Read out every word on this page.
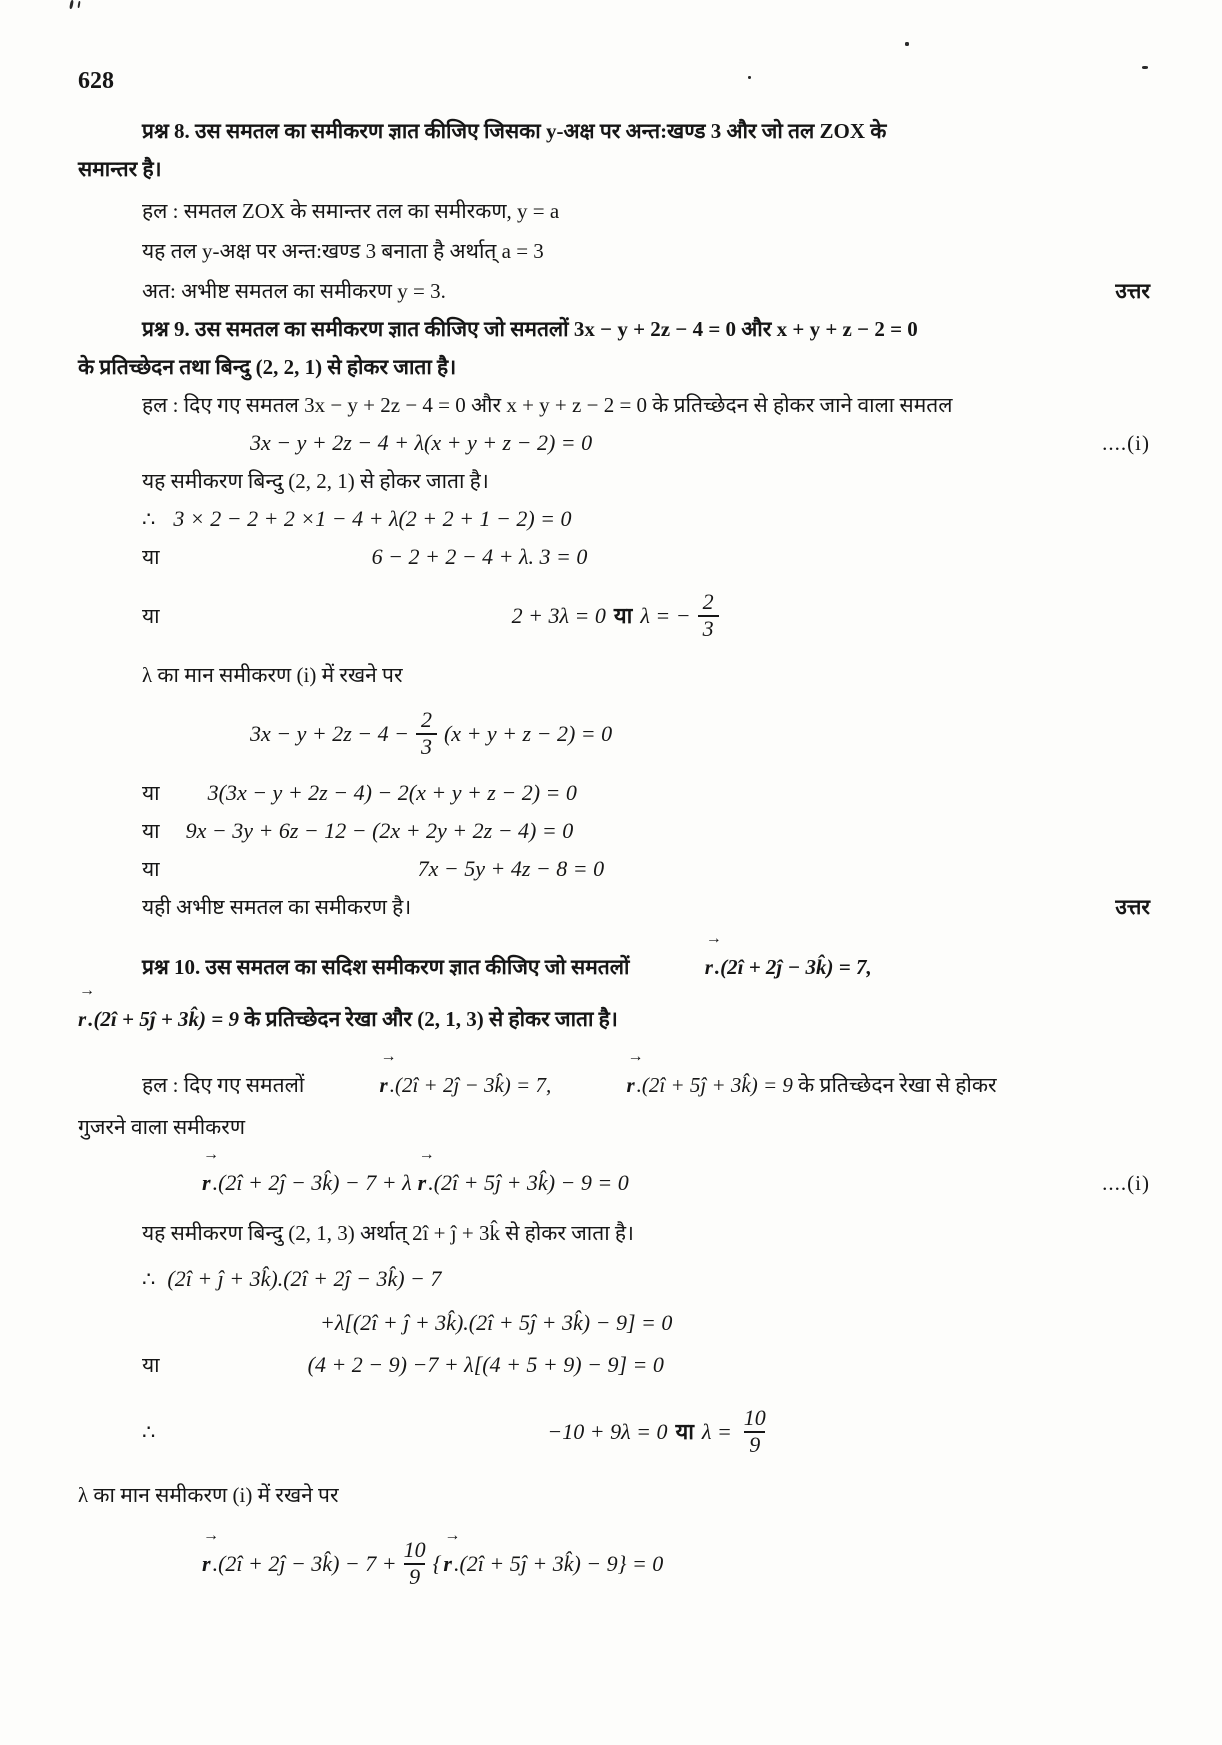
628
प्रश्न 8. उस समतल का समीकरण ज्ञात कीजिए जिसका y-अक्ष पर अन्त:खण्ड 3 और जो तल ZOX के
समान्तर है।
हल : समतल ZOX के समान्तर तल का समीरकण, y = a
यह तल y-अक्ष पर अन्त:खण्ड 3 बनाता है अर्थात् a = 3
अत: अभीष्ट समतल का समीकरण y = 3.	उत्तर
प्रश्न 9. उस समतल का समीकरण ज्ञात कीजिए जो समतलों 3x − y + 2z − 4 = 0 और x + y + z − 2 = 0
के प्रतिच्छेदन तथा बिन्दु (2, 2, 1) से होकर जाता है।
हल : दिए गए समतल 3x − y + 2z − 4 = 0 और x + y + z − 2 = 0 के प्रतिच्छेदन से होकर जाने वाला समतल
3x − y + 2z − 4 + λ(x + y + z − 2) = 0	....(i)
यह समीकरण बिन्दु (2, 2, 1) से होकर जाता है।
∴ 3 × 2 − 2 + 2 ×1 − 4 + λ(2 + 2 + 1 − 2) = 0
या	6 − 2 + 2 − 4 + λ. 3 = 0
या	2 + 3λ = 0 या λ = − $\frac{2}{3}$
λ का मान समीकरण (i) में रखने पर
$3x - y + 2z - 4 - \frac{2}{3} (x + y + z - 2) = 0$
या 3(3x − y + 2z − 4) − 2(x + y + z − 2) = 0
या 9x − 3y + 6z − 12 − (2x + 2y + 2z − 4) = 0
या	7x − 5y + 4z − 8 = 0
यही अभीष्ट समतल का समीकरण है।	उत्तर
प्रश्न 10. उस समतल का सदिश समीकरण ज्ञात कीजिए जो समतलों
→
r.(2î + 2ĵ − 3k̂) = 7,
→
r.(2î + 5ĵ + 3k̂) = 9 के प्रतिच्छेदन रेखा और (2, 1, 3) से होकर जाता है।
हल : दिए गए समतलों
→
r.(2î + 2ĵ − 3k̂) = 7,
→
r.(2î + 5ĵ + 3k̂) = 9 के प्रतिच्छेदन रेखा से होकर
गुजरने वाला समीकरण
→
r.(2î + 2ĵ − 3k̂) − 7 + λ
→
r.(2î + 5ĵ + 3k̂) − 9 = 0	....(i)
यह समीकरण बिन्दु (2, 1, 3) अर्थात् 2î + ĵ + 3k̂ से होकर जाता है।
∴ (2î + ĵ + 3k̂).(2î + 2ĵ − 3k̂) − 7
+λ[(2î + ĵ + 3k̂).(2î + 5ĵ + 3k̂) − 9] = 0
या	(4 + 2 − 9) −7 + λ[(4 + 5 + 9) − 9] = 0
∴	−10 + 9λ = 0 या $\lambda = \frac{10}{9}$
λ का मान समीकरण (i) में रखने पर
→
r .(2î + 2ĵ − 3k̂) − $7 + \frac{10}{9}$ {
→
r .(2î + 5ĵ + 3k̂) − 9} = 0
